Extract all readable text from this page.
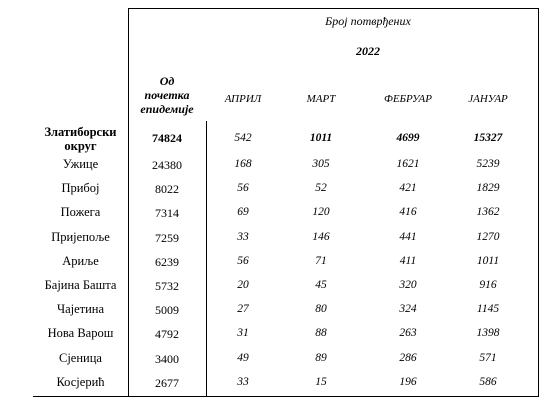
Број потврђених
2022
Од
почетка
епидемије
АПРИЛ	МАРТ	ФЕБРУАР	ЈАНУАР
Златиборски
округ
74824	542	1011	4699	15327
Ужице	24380	168	305	1621	5239
Прибој	8022	56	52	421	1829
Пожега	7314	69	120	416	1362
Пријепоље	7259	33	146	441	1270
Ариље	6239	56	71	411	1011
Бајина Башта	5732	20	45	320	916
Чајетина	5009	27	80	324	1145
Нова Варош	4792	31	88	263	1398
Сјеница	3400	49	89	286	571
Косјерић	2677	33	15	196	586
